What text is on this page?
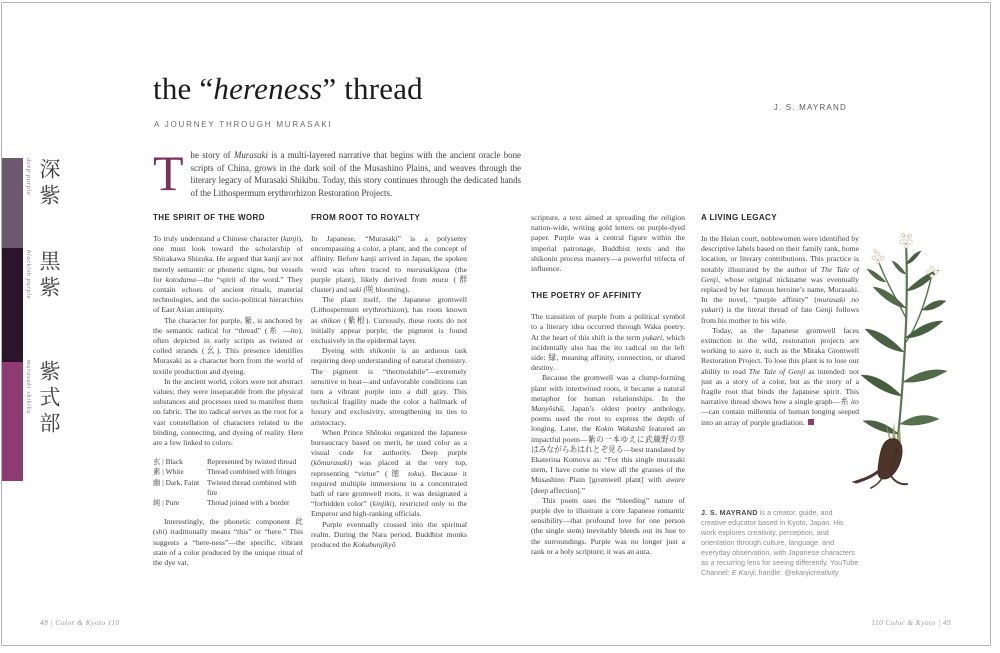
deep purple
blackish purple
murasaki shikibu
深紫
黒紫
紫式部
the “hereness” thread
J. S. MAYRAND
A JOURNEY THROUGH MURASAKI
T he story of Murasaki is a multi-layered narrative that begins with the ancient oracle bone scripts of China, grows in the dark soil of the Musashino Plains, and weaves through the literary legacy of Murasaki Shikibu. Today, this story continues through the dedicated hands of the Lithospermum erythrorhizon Restoration Projects.
THE SPIRIT OF THE WORD

To truly understand a Chinese character (kanji), one must look toward the scholarship of Shirakawa Shizuka. He argued that kanji are not merely semantic or phonetic signs, but vessels for kotodama—the “spirit of the word.” They contain echoes of ancient rituals, material technologies, and the socio-political hierarchies of East Asian antiquity.

The character for purple, 紫, is anchored by the semantic radical for “thread” (糸 —ito), often depicted in early scripts as twisted or coiled strands (幺). This presence identifies Murasaki as a character born from the world of textile production and dyeing.

In the ancient world, colors were not abstract values; they were inseparable from the physical substances and processes used to manifest them on fabric. The ito radical serves as the root for a vast constellation of characters related to the binding, connecting, and dyeing of reality. Here are a few linked to colors:

玄 | Black	Represented by twisted thread
素 | White	Thread combined with fringes
幽 | Dark, Faint	Twisted thread combined with fire
純 | Pure	Thread joined with a border

Interestingly, the phonetic component 此 (shi) traditionally means “this” or “here.” This suggests a “here-ness”—the specific, vibrant state of a color produced by the unique ritual of the dye vat.

FROM ROOT TO ROYALTY

In Japanese, “Murasaki” is a polysemy encompassing a color, a plant, and the concept of affinity. Before kanji arrived in Japan, the spoken word was often traced to murasakigusa (the purple plant), likely derived from mura (群 cluster) and saki (咲 blooming).

The plant itself, the Japanese gromwell (Lithospermum erythrorhizon), has roots known as shikon (紫根). Curiously, these roots do not initially appear purple; the pigment is found exclusively in the epidermal layer.

Dyeing with shikonin is an arduous task requiring deep understanding of natural chemistry. The pigment is “thermolabile”—extremely sensitive to heat—and unfavorable conditions can turn a vibrant purple into a dull gray. This technical fragility made the color a hallmark of luxury and exclusivity, strengthening its ties to aristocracy.

When Prince Shōtoku organized the Japanese bureaucracy based on merit, he used color as a visual code for authority. Deep purple (kōmurasaki) was placed at the very top, representing “virtue” (徳 toku). Because it required multiple immersions in a concentrated bath of rare gromwell roots, it was designated a “forbidden color” (kinjiki), restricted only to the Emperor and high-ranking officials.

Purple eventually crossed into the spiritual realm. During the Nara period, Buddhist monks produced the Kokubunjikyō

scripture, a text aimed at spreading the religion nation-wide, writing gold letters on purple-dyed paper. Purple was a central figure within the imperial patronage, Buddhist texts and the shikonin process mastery—a powerful trifecta of influence.

THE POETRY OF AFFINITY

The transition of purple from a political symbol to a literary idea occurred through Waka poetry. At the heart of this shift is the term yukari, which incidentally also has the ito radical on the left side: 縁, meaning affinity, connection, or shared destiny.

Because the gromwell was a clump-forming plant with intertwined roots, it became a natural metaphor for human relationships. In the Manyōshū, Japan’s oldest poetry anthology, poems used the root to express the depth of longing. Later, the Kokin Wakashū featured an impactful poem—紫の一本ゆえに武蔵野の草はみながらあはれとぞ見る—best translated by Ekaterina Komova as: “For this single murasaki stem, I have come to view all the grasses of the Musashino Plain [gromwell plant] with aware [deep affection].”

This poem uses the “bleeding” nature of purple dye to illustrate a core Japanese romantic sensibility—that profound love for one person (the single stem) inevitably bleeds out its hue to the surroundings. Purple was no longer just a rank or a holy scripture; it was an aura.

A LIVING LEGACY

In the Heian court, noblewomen were identified by descriptive labels based on their family rank, home location, or literary contributions. This practice is notably illustrated by the author of The Tale of Genji, whose original nickname was eventually replaced by her famous heroine’s name, Murasaki. In the novel, “purple affinity” (murasaki no yukari) is the literal thread of fate Genji follows from his mother to his wife.

Today, as the Japanese gromwell faces extinction in the wild, restoration projects are working to save it, such as the Mitaka Gromwell Restoration Project. To lose this plant is to lose our ability to read The Tale of Genji as intended: not just as a story of a color, but as the story of a fragile root that binds the Japanese spirit. This narrative thread shows how a single graph—糸 ito—can contain millennia of human longing seeped into an array of purple gradiation.

J. S. MAYRAND is a creator, guide, and creative educator based in Kyoto, Japan. His work explores creativity, perception, and orientation through culture, language, and everyday observation, with Japanese characters as a recurring lens for seeing differently. YouTube Channel: E Kanji; handle: @ekanjicreativity
48 | Color & Kyoto 110	110 Color & Kyoto | 49
